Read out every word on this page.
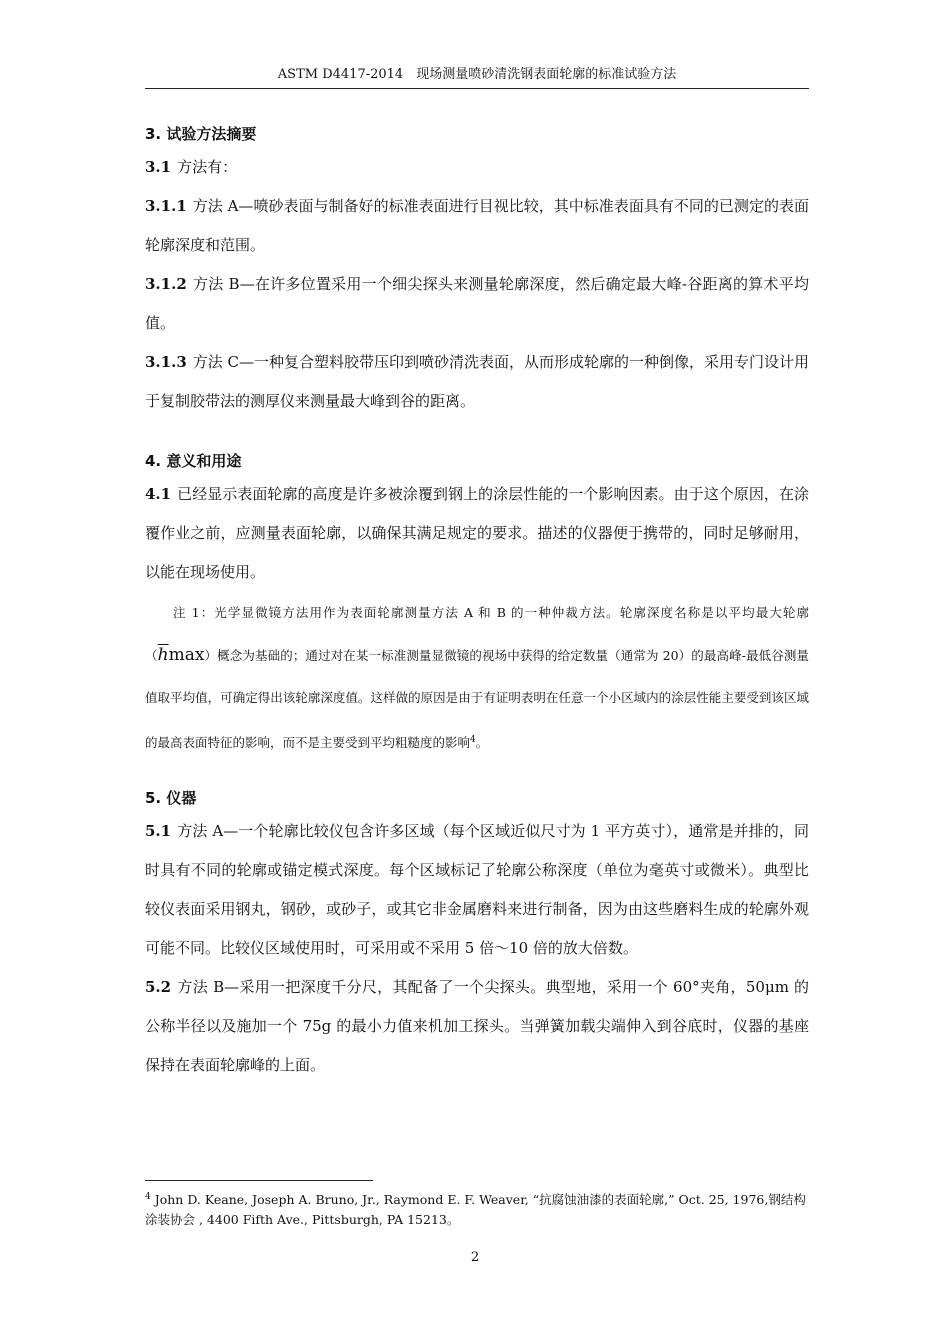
ASTM D4417-2014　现场测量喷砂清洗钢表面轮廓的标准试验方法

3. 试验方法摘要

3.1 方法有：

3.1.1 方法 A—喷砂表面与制备好的标准表面进行目视比较，其中标准表面具有不同的已测定的表面轮廓深度和范围。

3.1.2 方法 B—在许多位置采用一个细尖探头来测量轮廓深度，然后确定最大峰-谷距离的算术平均值。

3.1.3 方法 C—一种复合塑料胶带压印到喷砂清洗表面，从而形成轮廓的一种倒像，采用专门设计用于复制胶带法的测厚仪来测量最大峰到谷的距离。

4. 意义和用途

4.1 已经显示表面轮廓的高度是许多被涂覆到钢上的涂层性能的一个影响因素。由于这个原因，在涂覆作业之前，应测量表面轮廓，以确保其满足规定的要求。描述的仪器便于携带的，同时足够耐用，以能在现场使用。

注 1：光学显微镜方法用作为表面轮廓测量方法 A 和 B 的一种仲裁方法。轮廓深度名称是以平均最大轮廓$(\overline{h}\max)$概念为基础的；通过对在某一标准测量显微镜的视场中获得的给定数量（通常为 20）的最高峰-最低谷测量值取平均值，可确定得出该轮廓深度值。这样做的原因是由于有证明表明在任意一个小区域内的涂层性能主要受到该区域的最高表面特征的影响，而不是主要受到平均粗糙度的影响$^4$。

5. 仪器

5.1 方法 A—一个轮廓比较仪包含许多区域（每个区域近似尺寸为 1 平方英寸），通常是并排的，同时具有不同的轮廓或锚定模式深度。每个区域标记了轮廓公称深度（单位为毫英寸或微米）。典型比较仪表面采用钢丸，钢砂，或砂子，或其它非金属磨料来进行制备，因为由这些磨料生成的轮廓外观可能不同。比较仪区域使用时，可采用或不采用 5 倍～10 倍的放大倍数。

5.2 方法 B—采用一把深度千分尺，其配备了一个尖探头。典型地，采用一个 60°夹角，50μm 的公称半径以及施加一个 75g 的最小力值来机加工探头。当弹簧加载尖端伸入到谷底时，仪器的基座保持在表面轮廓峰的上面。

$^4$ John D. Keane, Joseph A. Bruno, Jr., Raymond E. F. Weaver, “抗腐蚀油漆的表面轮廓,” Oct. 25, 1976,钢结构涂装协会 , 4400 Fifth Ave., Pittsburgh, PA 15213。
2
